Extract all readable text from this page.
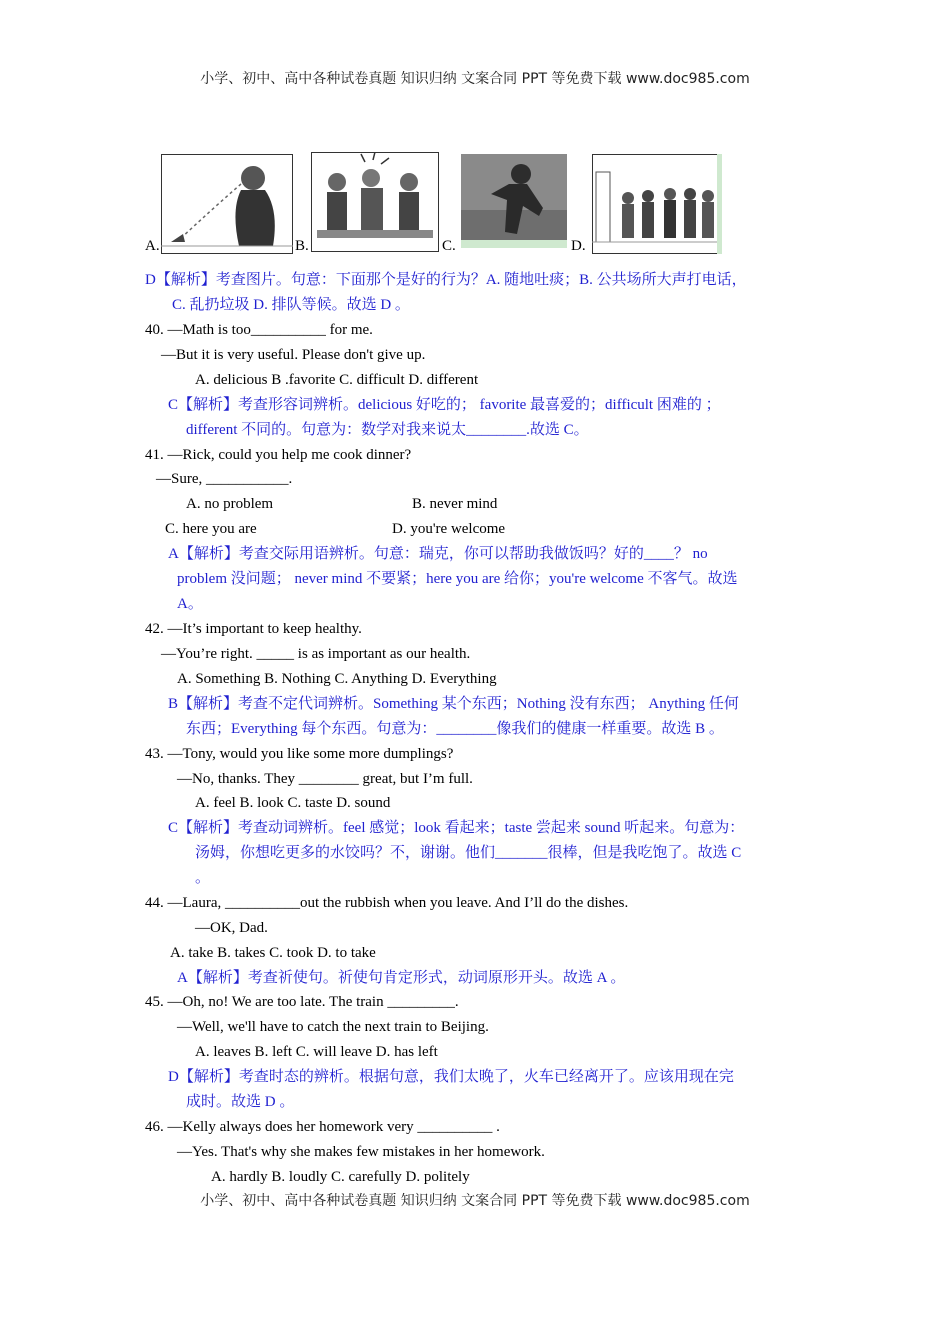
小学、初中、高中各种试卷真题 知识归纳 文案合同 PPT 等免费下载 www.doc985.com
A.	B.	C.	D.
D【解析】考查图片。句意：下面那个是好的行为？A. 随地吐痰；B. 公共场所大声打电话，
C. 乱扔垃圾 D. 排队等候。故选 D 。
40. —Math is too__________ for me.
—But it is very useful. Please don't give up.
A. delicious B .favorite C. difficult D. different
C【解析】考查形容词辨析。delicious 好吃的； favorite 最喜爱的；difficult 困难的 ；
different 不同的。句意为：数学对我来说太________.故选 C。
41. —Rick, could you help me cook dinner?
—Sure, ___________.
A. no problem	B. never mind
C. here you are	D. you're welcome
A【解析】考查交际用语辨析。句意：瑞克，你可以帮助我做饭吗？好的____？ no
problem 没问题； never mind 不要紧；here you are 给你；you're welcome 不客气。故选
A。
42. —It’s important to keep healthy.
—You’re right. _____ is as important as our health.
A. Something B. Nothing C. Anything D. Everything
B【解析】考查不定代词辨析。Something 某个东西；Nothing 没有东西； Anything 任何
东西；Everything 每个东西。句意为：________像我们的健康一样重要。故选 B 。
43. —Tony, would you like some more dumplings?
—No, thanks. They ________ great, but I’m full.
A. feel B. look C. taste D. sound
C【解析】考查动词辨析。feel 感觉；look 看起来；taste 尝起来 sound 听起来。句意为：
汤姆，你想吃更多的水饺吗？不，谢谢。他们_______很棒，但是我吃饱了。故选 C
。
44. —Laura, __________out the rubbish when you leave. And I’ll do the dishes.
—OK, Dad.
A. take B. takes C. took D. to take
A【解析】考查祈使句。祈使句肯定形式，动词原形开头。故选 A 。
45. —Oh, no! We are too late. The train _________.
—Well, we'll have to catch the next train to Beijing.
A. leaves B. left C. will leave D. has left
D【解析】考查时态的辨析。根据句意，我们太晚了，火车已经离开了。应该用现在完
成时。故选 D 。
46. —Kelly always does her homework very __________ .
—Yes. That's why she makes few mistakes in her homework.
A. hardly B. loudly C. carefully D. politely
小学、初中、高中各种试卷真题 知识归纳 文案合同 PPT 等免费下载 www.doc985.com
